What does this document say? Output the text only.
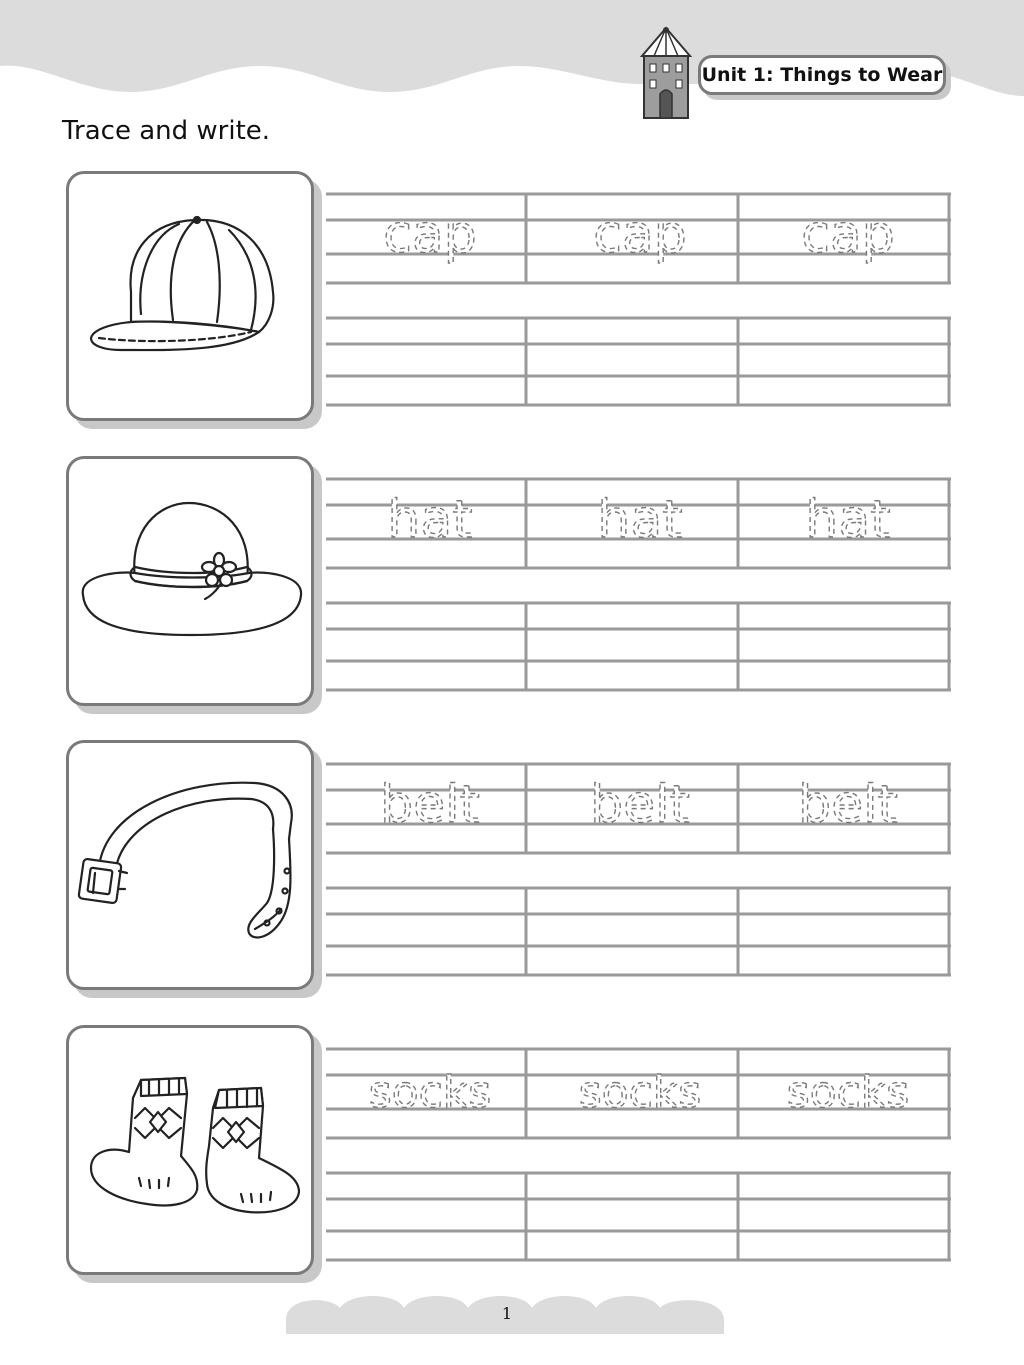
Unit 1: Things to Wear
Trace and write.
cap cap cap
hat hat hat
belt belt belt
socks socks socks
1
